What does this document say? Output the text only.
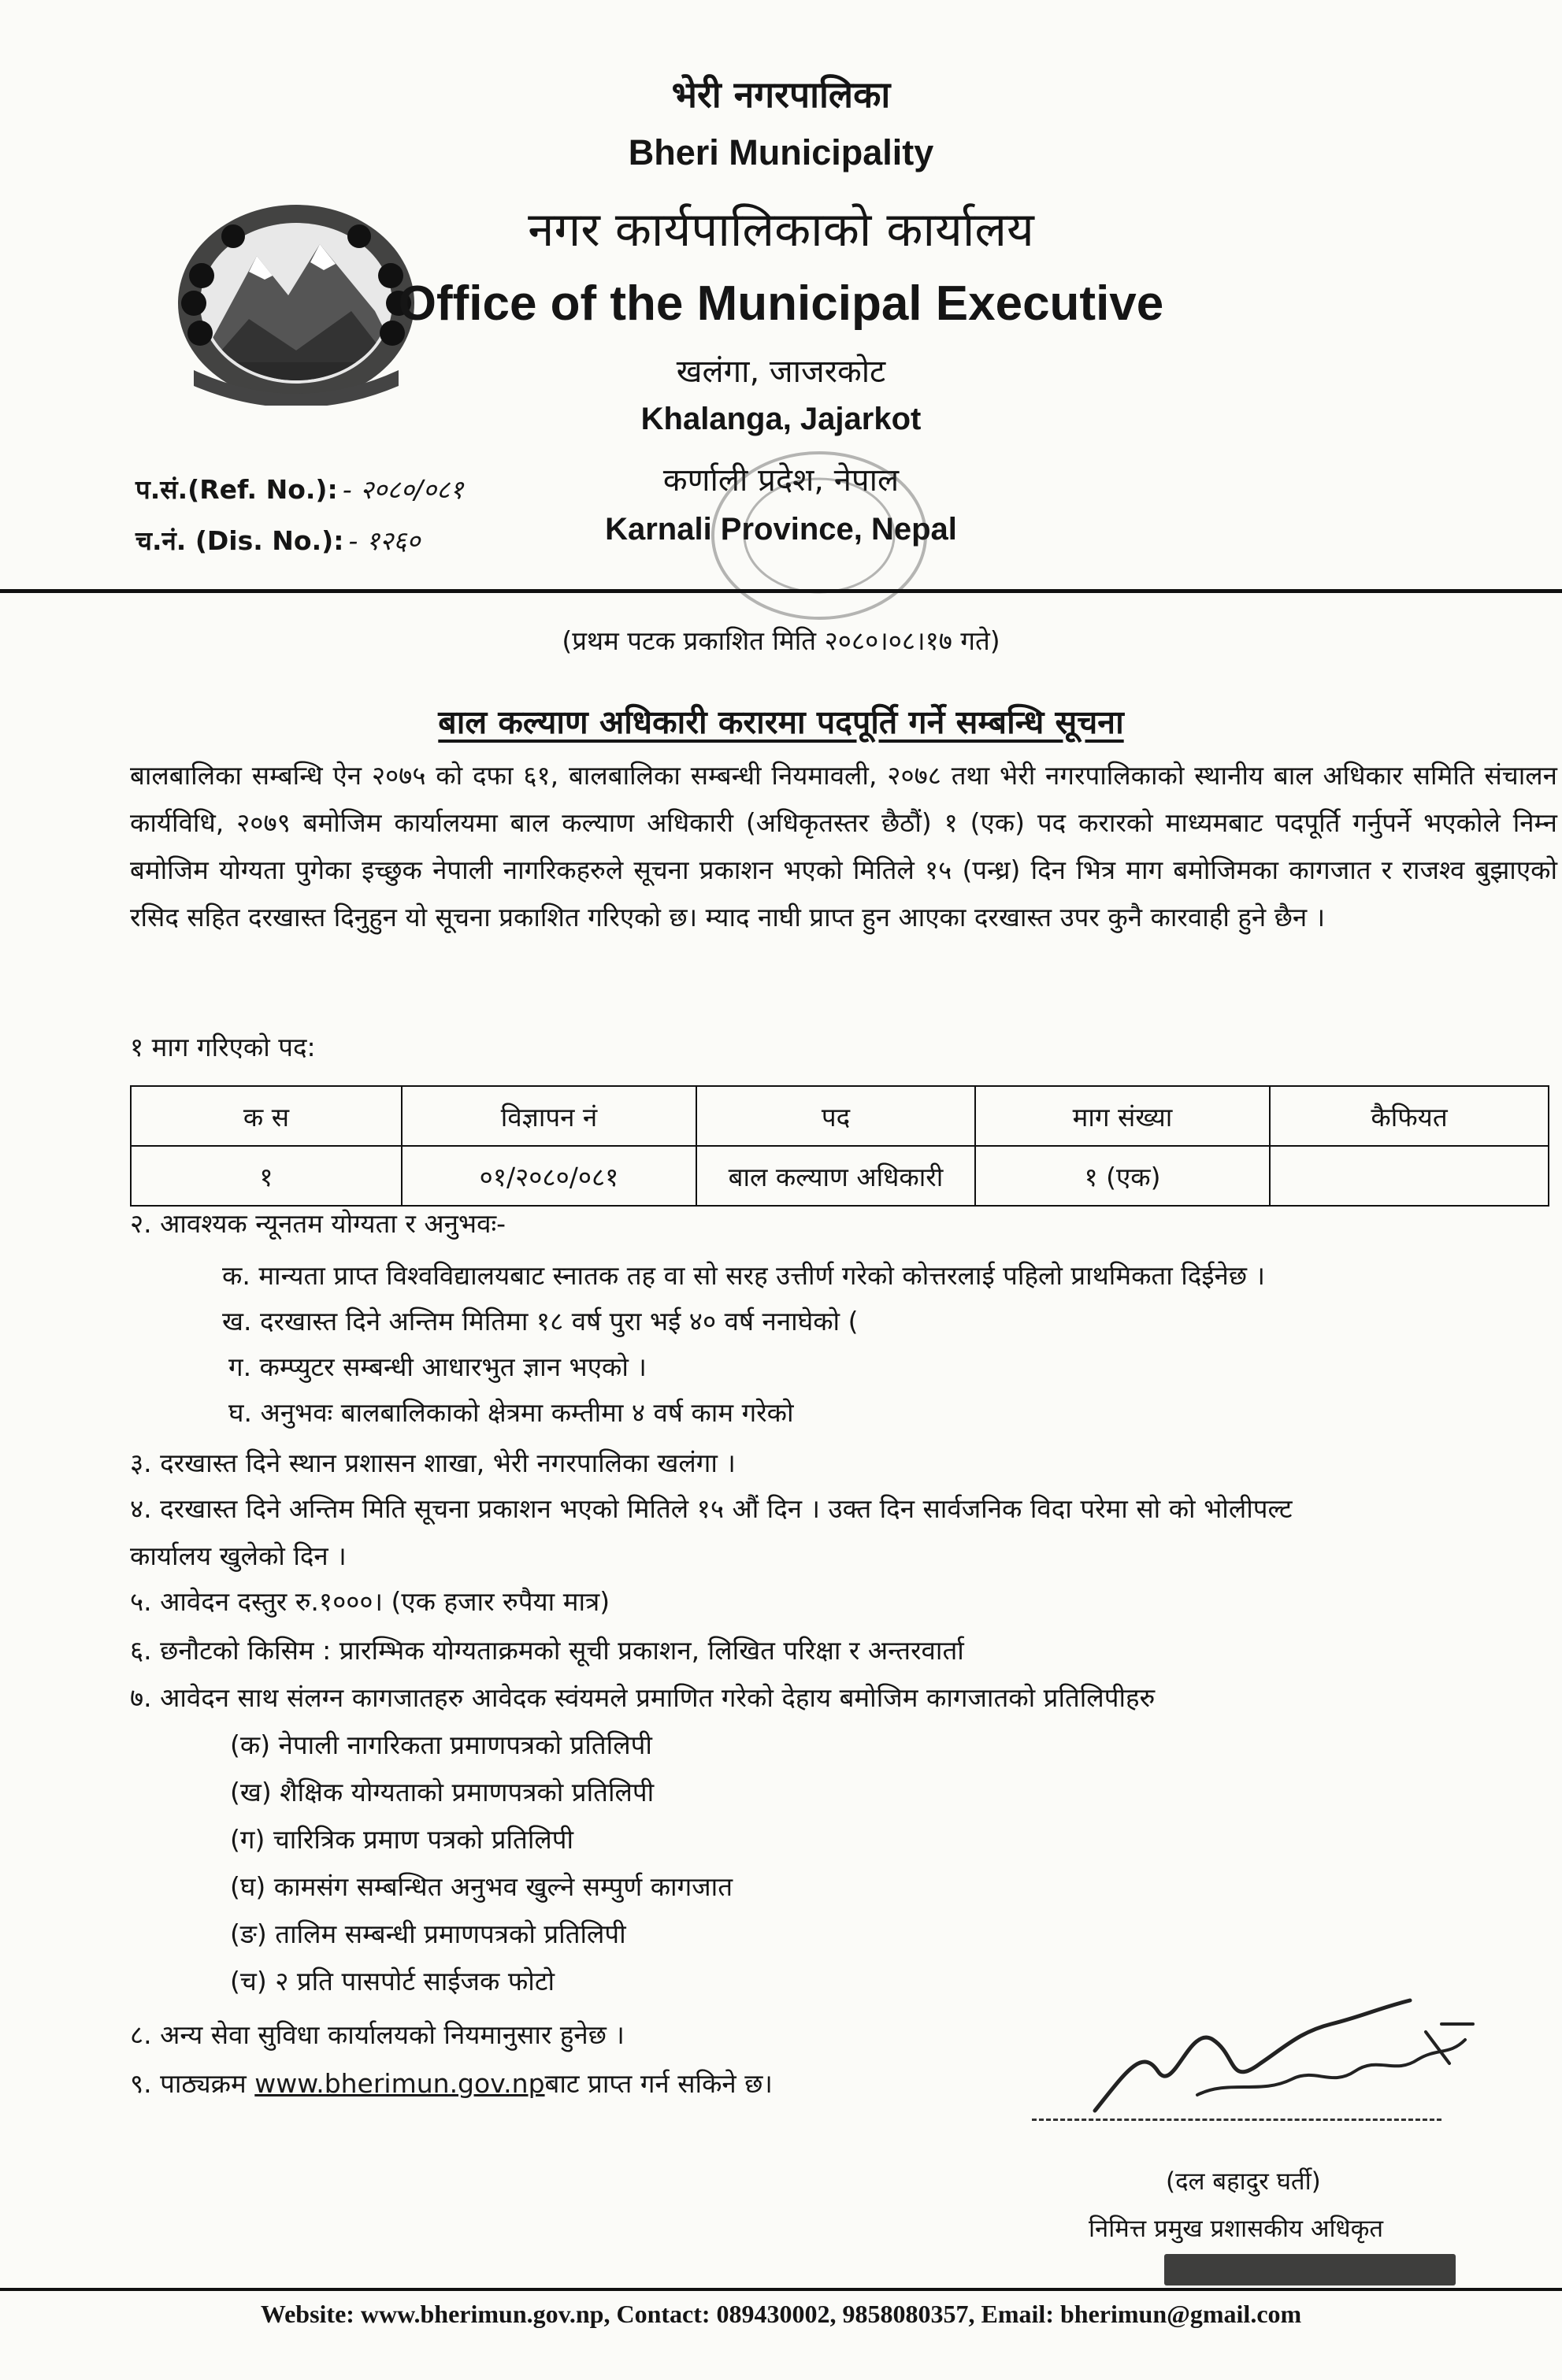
भेरी नगरपालिका
Bheri Municipality
नगर कार्यपालिकाको कार्यालय
Office of the Municipal Executive
खलंगा, जाजरकोट
Khalanga, Jajarkot
कर्णाली प्रदेश, नेपाल
Karnali Province, Nepal
प.सं.(Ref. No.): - २०८०/०८१
च.नं. (Dis. No.): - १२६०
(प्रथम पटक प्रकाशित मिति २०८०।०८।१७ गते)
बाल कल्याण अधिकारी करारमा पदपूर्ति गर्ने सम्बन्धि सूचना
बालबालिका सम्बन्धि ऐन २०७५ को दफा ६१, बालबालिका सम्बन्धी नियमावली, २०७८ तथा भेरी नगरपालिकाको स्थानीय बाल अधिकार समिति संचालन कार्यविधि, २०७९ बमोजिम कार्यालयमा बाल कल्याण अधिकारी (अधिकृतस्तर छैठौं) १ (एक) पद करारको माध्यमबाट पदपूर्ति गर्नुपर्ने भएकोले निम्न बमोजिम योग्यता पुगेका इच्छुक नेपाली नागरिकहरुले सूचना प्रकाशन भएको मितिले १५ (पन्ध्र) दिन भित्र माग बमोजिमका कागजात र राजश्व बुझाएको रसिद सहित दरखास्त दिनुहुन यो सूचना प्रकाशित गरिएको छ। म्याद नाघी प्राप्त हुन आएका दरखास्त उपर कुनै कारवाही हुने छैन ।
१ माग गरिएको पद:
क स	विज्ञापन नं	पद	माग संख्या	कैफियत
१	०१/२०८०/०८१	बाल कल्याण अधिकारी	१ (एक)	
२. आवश्यक न्यूनतम योग्यता र अनुभवः-
क. मान्यता प्राप्त विश्वविद्यालयबाट स्नातक तह वा सो सरह उत्तीर्ण गरेको कोत्तरलाई पहिलो प्राथमिकता दिईनेछ ।
ख. दरखास्त दिने अन्तिम मितिमा १८ वर्ष पुरा भई ४० वर्ष ननाघेको (
ग. कम्प्युटर सम्बन्धी आधारभुत ज्ञान भएको ।
घ. अनुभवः बालबालिकाको क्षेत्रमा कम्तीमा ४ वर्ष काम गरेको
३. दरखास्त दिने स्थान प्रशासन शाखा, भेरी नगरपालिका खलंगा ।
४. दरखास्त दिने अन्तिम मिति सूचना प्रकाशन भएको मितिले १५ औं दिन । उक्त दिन सार्वजनिक विदा परेमा सो को भोलीपल्ट
कार्यालय खुलेको दिन ।
५. आवेदन दस्तुर रु.१०००। (एक हजार रुपैया मात्र)
६. छनौटको किसिम : प्रारम्भिक योग्यताक्रमको सूची प्रकाशन, लिखित परिक्षा र अन्तरवार्ता
७. आवेदन साथ संलग्न कागजातहरु आवेदक स्वंयमले प्रमाणित गरेको देहाय बमोजिम कागजातको प्रतिलिपीहरु
(क) नेपाली नागरिकता प्रमाणपत्रको प्रतिलिपी
(ख) शैक्षिक योग्यताको प्रमाणपत्रको प्रतिलिपी
(ग) चारित्रिक प्रमाण पत्रको प्रतिलिपी
(घ) कामसंग सम्बन्धित अनुभव खुल्ने सम्पुर्ण कागजात
(ङ) तालिम सम्बन्धी प्रमाणपत्रको प्रतिलिपी
(च) २ प्रति पासपोर्ट साईजक फोटो
८. अन्य सेवा सुविधा कार्यालयको नियमानुसार हुनेछ ।
९. पाठ्यक्रम www.bherimun.gov.npबाट प्राप्त गर्न सकिने छ।
(दल बहादुर घर्ती)
निमित्त प्रमुख प्रशासकीय अधिकृत
Website: www.bherimun.gov.np, Contact: 089430002, 9858080357, Email: bherimun@gmail.com
